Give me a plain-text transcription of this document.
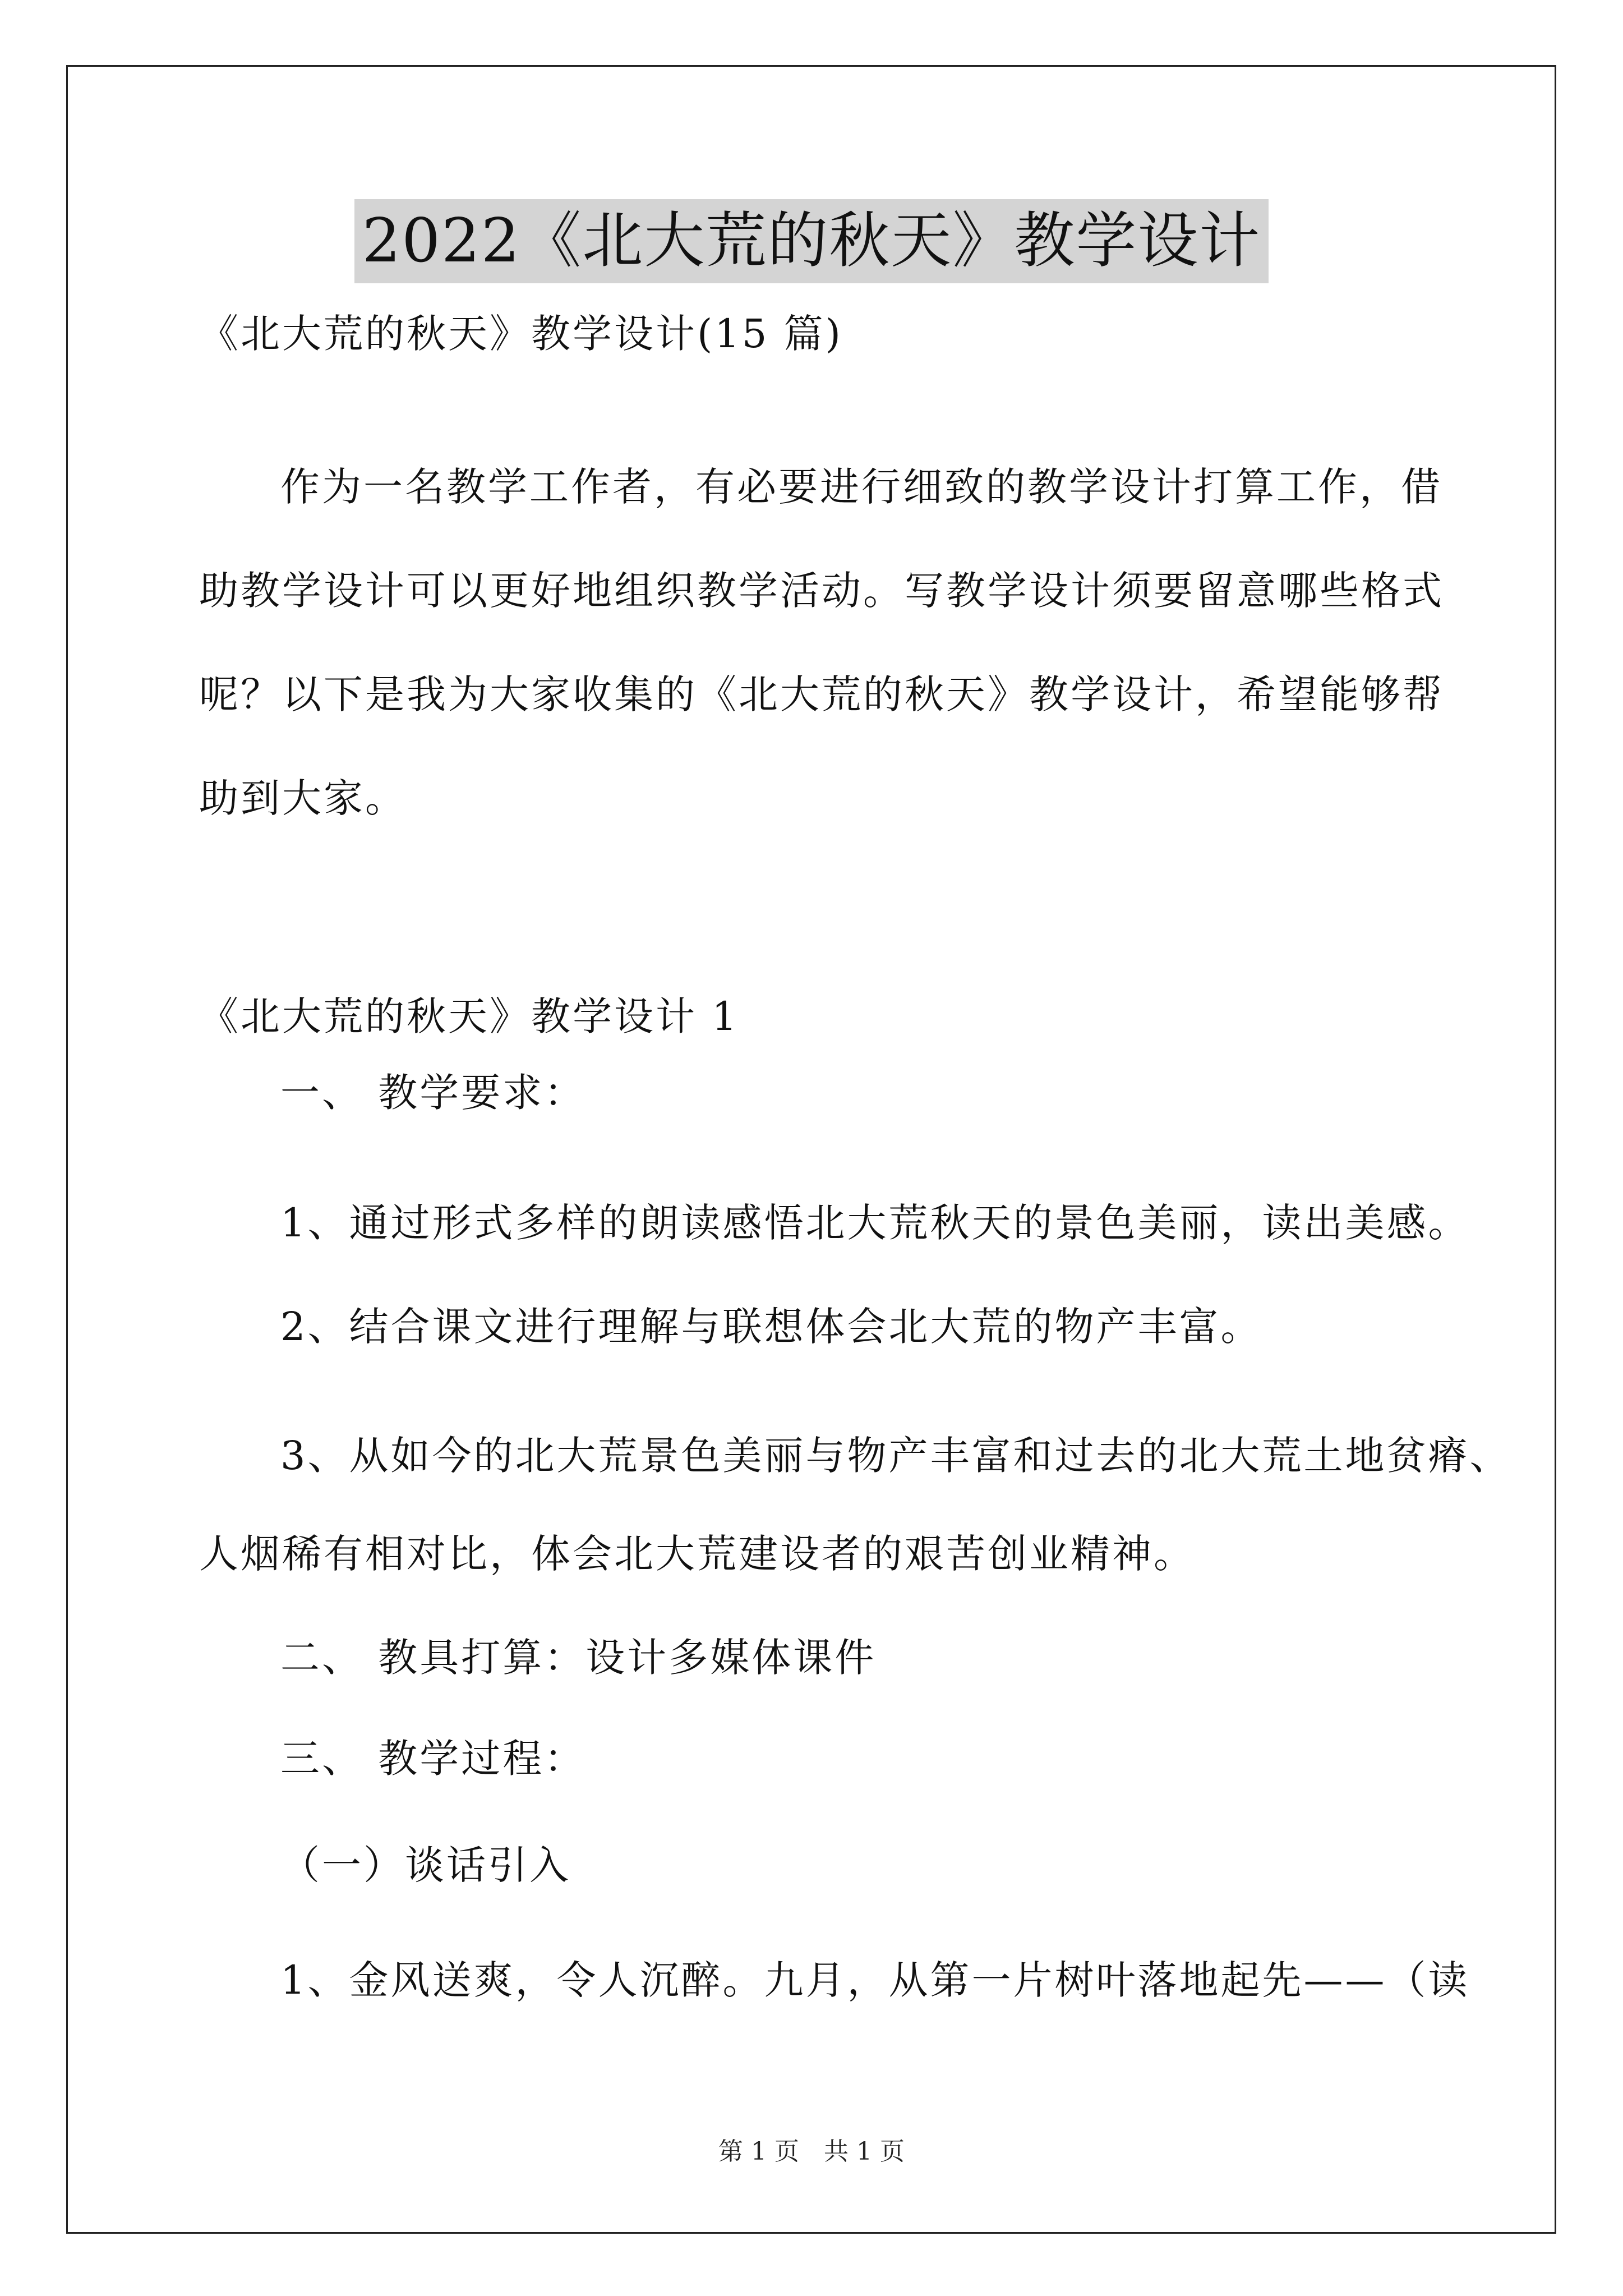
2022《北大荒的秋天》教学设计
《北大荒的秋天》教学设计(15 篇)
作为一名教学工作者，有必要进行细致的教学设计打算工作，借
助教学设计可以更好地组织教学活动。写教学设计须要留意哪些格式
呢？以下是我为大家收集的《北大荒的秋天》教学设计，希望能够帮
助到大家。
《北大荒的秋天》教学设计 1
一、 教学要求：
1、通过形式多样的朗读感悟北大荒秋天的景色美丽，读出美感。
2、结合课文进行理解与联想体会北大荒的物产丰富。
3、从如今的北大荒景色美丽与物产丰富和过去的北大荒土地贫瘠、
人烟稀有相对比，体会北大荒建设者的艰苦创业精神。
二、 教具打算：设计多媒体课件
三、 教学过程：
（一）谈话引入
1、金风送爽，令人沉醉。九月，从第一片树叶落地起先——（读
第 1 页　共 1 页
